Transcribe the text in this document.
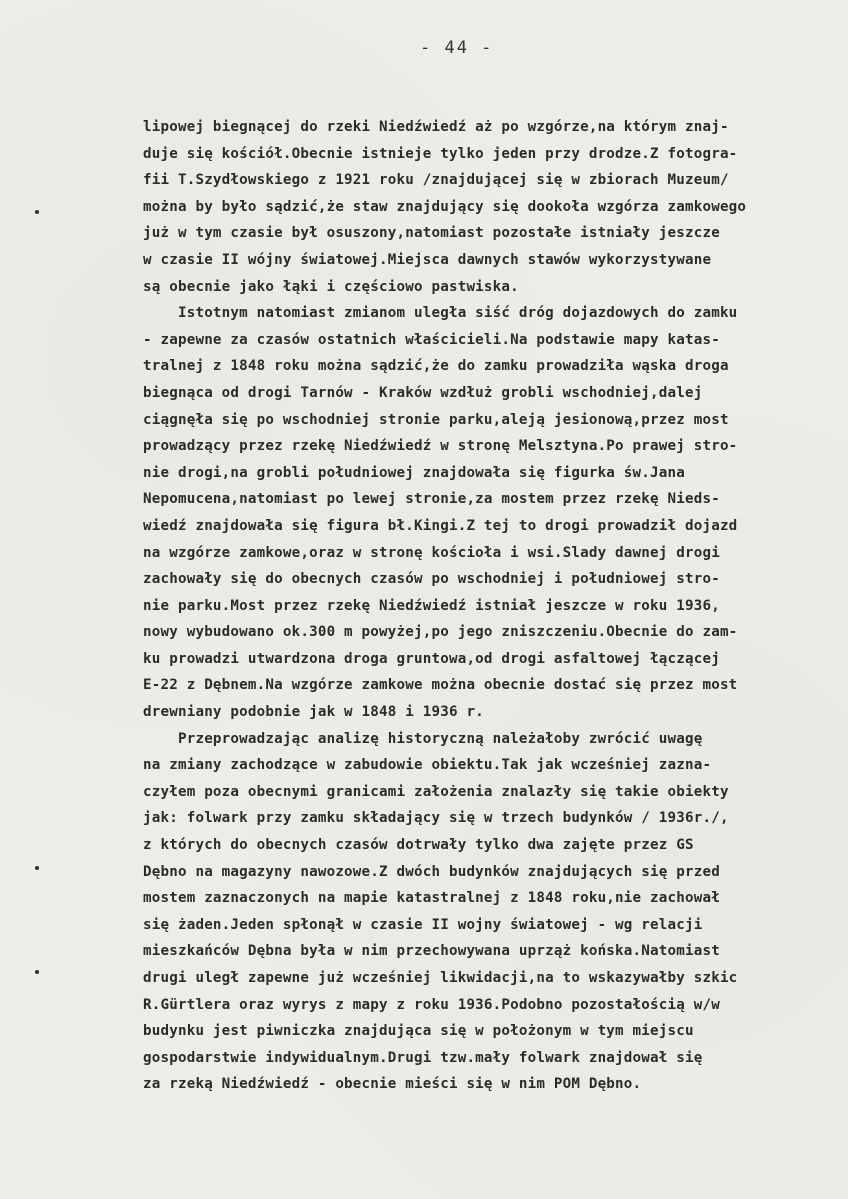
- 44 -
lipowej biegnącej do rzeki Niedźwiedź aż po wzgórze,na którym znaj-
duje się kościół.Obecnie istnieje tylko jeden przy drodze.Z fotogra-
fii T.Szydłowskiego z 1921 roku /znajdującej się w zbiorach Muzeum/
można by było sądzić,że staw znajdujący się dookoła wzgórza zamkowego
już w tym czasie był osuszony,natomiast pozostałe istniały jeszcze
w czasie II wójny światowej.Miejsca dawnych stawów wykorzystywane
są obecnie jako łąki i częściowo pastwiska.
Istotnym natomiast zmianom uległa siść dróg dojazdowych do zamku
- zapewne za czasów ostatnich właścicieli.Na podstawie mapy katas-
tralnej z 1848 roku można sądzić,że do zamku prowadziła wąska droga
biegnąca od drogi Tarnów - Kraków wzdłuż grobli wschodniej,dalej
ciągnęła się po wschodniej stronie parku,aleją jesionową,przez most
prowadzący przez rzekę Niedźwiedź w stronę Melsztyna.Po prawej stro-
nie drogi,na grobli południowej znajdowała się figurka św.Jana
Nepomucena,natomiast po lewej stronie,za mostem przez rzekę Nieds-
wiedź znajdowała się figura bł.Kingi.Z tej to drogi prowadził dojazd
na wzgórze zamkowe,oraz w stronę kościoła i wsi.Slady dawnej drogi
zachowały się do obecnych czasów po wschodniej i południowej stro-
nie parku.Most przez rzekę Niedźwiedź istniał jeszcze w roku 1936,
nowy wybudowano ok.300 m powyżej,po jego zniszczeniu.Obecnie do zam-
ku prowadzi utwardzona droga gruntowa,od drogi asfaltowej łączącej
E-22 z Dębnem.Na wzgórze zamkowe można obecnie dostać się przez most
drewniany podobnie jak w 1848 i 1936 r.
Przeprowadzając analizę historyczną należałoby zwrócić uwagę
na zmiany zachodzące w zabudowie obiektu.Tak jak wcześniej zazna-
czyłem poza obecnymi granicami założenia znalazły się takie obiekty
jak: folwark przy zamku składający się w trzech budynków / 1936r./,
z których do obecnych czasów dotrwały tylko dwa zajęte przez GS
Dębno na magazyny nawozowe.Z dwóch budynków znajdujących się przed
mostem zaznaczonych na mapie katastralnej z 1848 roku,nie zachował
się żaden.Jeden spłonął w czasie II wojny światowej - wg relacji
mieszkańców Dębna była w nim przechowywana uprząż końska.Natomiast
drugi uległ zapewne już wcześniej likwidacji,na to wskazywałby szkic
R.Gürtlera oraz wyrys z mapy z roku 1936.Podobno pozostałością w/w
budynku jest piwniczka znajdująca się w położonym w tym miejscu
gospodarstwie indywidualnym.Drugi tzw.mały folwark znajdował się
za rzeką Niedźwiedź - obecnie mieści się w nim POM Dębno.
